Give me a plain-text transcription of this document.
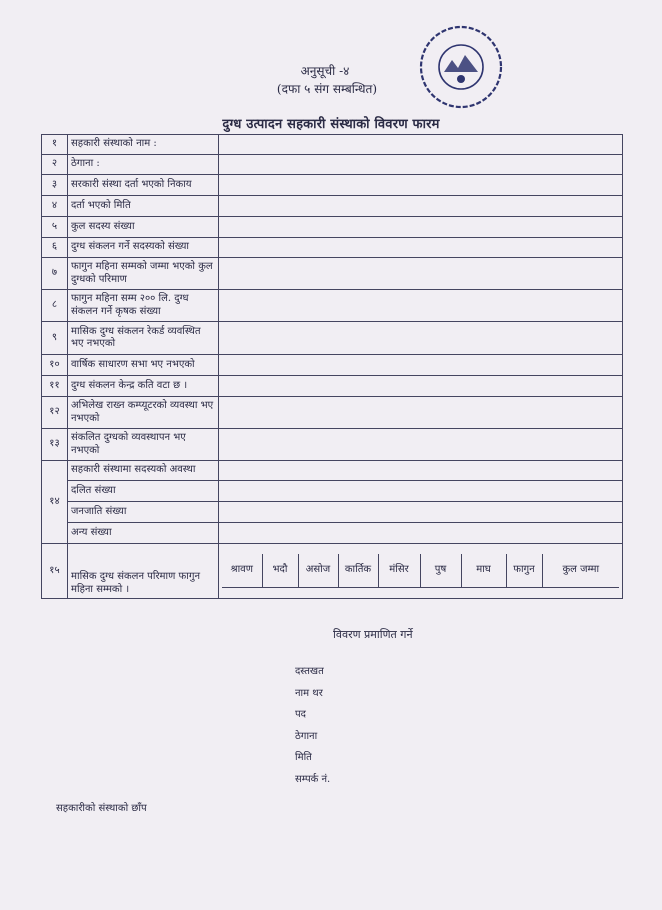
अनुसूची -४
(दफा ५ संग सम्बन्धित)
दुग्ध उत्पादन सहकारी संस्थाको विवरण फारम
१	सहकारी संस्थाको नाम :	
२	ठेगाना :	
३	सरकारी संस्था दर्ता भएको निकाय	
४	दर्ता भएको मिति	
५	कुल सदस्य संख्या	
६	दुग्ध संकलन गर्ने सदस्यको संख्या	
७	फागुन महिना सम्मको जम्मा भएको कुल दुग्धको परिमाण	
८	फागुन महिना सम्म २०० लि. दुग्ध संकलन गर्ने कृषक संख्या	
९	मासिक दुग्ध संकलन रेकर्ड व्यवस्थित भए नभएको	
१०	वार्षिक साधारण सभा भए नभएको	
११	दुग्ध संकलन केन्द्र कति वटा छ ।	
१२	अभिलेख राख्न कम्प्यूटरको व्यवस्था भए नभएको	
१३	संकलित दुग्धको व्यवस्थापन भए नभएको	
१४	सहकारी संस्थामा सदस्यको अवस्था	
दलित संख्या	
जनजाति संख्या	
अन्य संख्या	
१५	मासिक दुग्ध संकलन परिमाण फागुन महिना सम्मको ।	
श्रावण	भदौ	असोज	कार्तिक	मंसिर	पुष	माघ	फागुन	कुल जम्मा

विवरण प्रमाणित गर्ने
दस्तखत
नाम थर
पद
ठेगाना
मिति
सम्पर्क नं.
सहकारीको संस्थाको छाँप
